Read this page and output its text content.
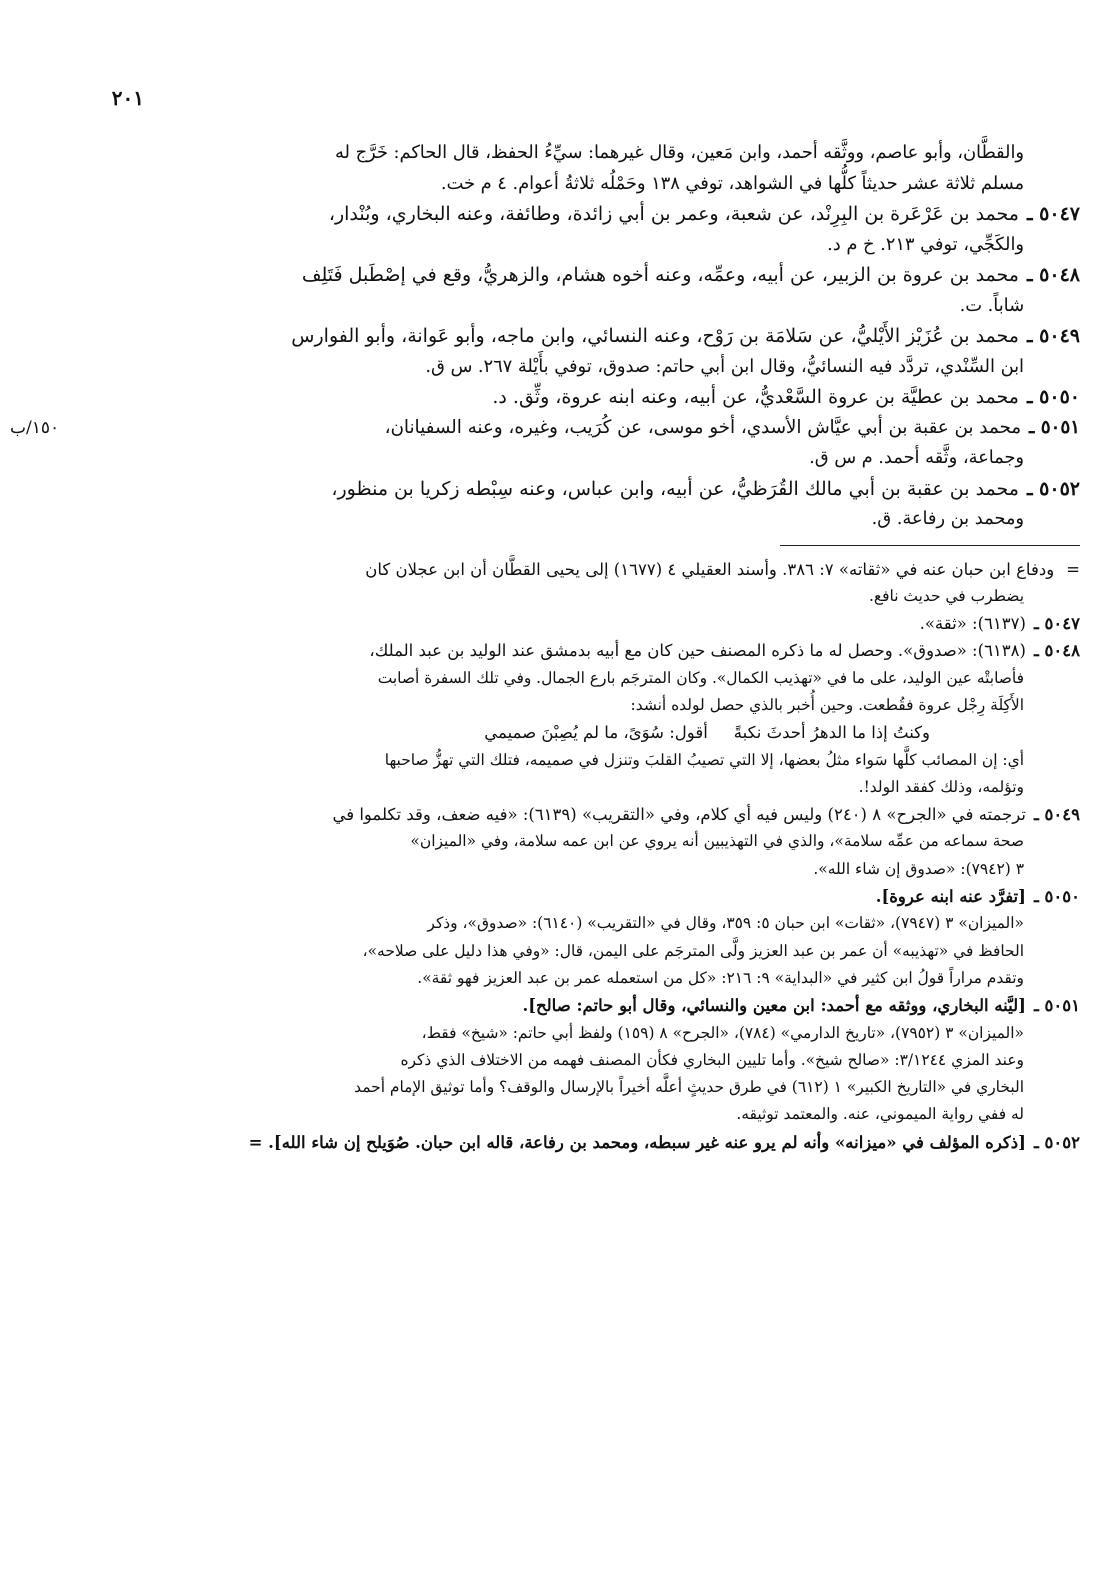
٢٠١
والقطَّان، وأبو عاصم، ووثَّقه أحمد، وابن مَعين، وقال غيرهما: سيِّءُ الحفظ، قال الحاكم: خَرَّج له
مسلم ثلاثة عشر حديثاً كلُّها في الشواهد، توفي ١٣٨ وحَمْلُه ثلاثةُ أعوام. ٤ م خت.
٥٠٤٧ ـمحمد بن عَرْعَرة بن البِرِنْد، عن شعبة، وعمر بن أبي زائدة، وطائفة، وعنه البخاري، وبُنْدار،
والكَجِّي، توفي ٢١٣. خ م د.
٥٠٤٨ ـمحمد بن عروة بن الزبير، عن أبيه، وعمِّه، وعنه أخوه هشام، والزهريُّ، وقع في إصْطَبل فَتَلِف
شاباً. ت.
٥٠٤٩ ـمحمد بن عُزَيْز الأَيْليُّ، عن سَلامَة بن رَوْح، وعنه النسائي، وابن ماجه، وأبو عَوانة، وأبو الفوارس
ابن السِّنْدي، تردَّد فيه النسائيُّ، وقال ابن أبي حاتم: صدوق، توفي بأَيْلة ٢٦٧. س ق.
٥٠٥٠ ـمحمد بن عطيَّة بن عروة السَّعْديُّ، عن أبيه، وعنه ابنه عروة، وثِّق. د.
٥٠٥١ ـمحمد بن عقبة بن أبي عيَّاش الأسدي، أخو موسى، عن كُرَيب، وغيره، وعنه السفيانان،
١٥٠/ب
وجماعة، وثَّقه أحمد. م س ق.
٥٠٥٢ ـمحمد بن عقبة بن أبي مالك القُرَظيُّ، عن أبيه، وابن عباس، وعنه سِبْطه زكريا بن منظور،
ومحمد بن رفاعة. ق.
=ودفاع ابن حبان عنه في «ثقاته» ٧: ٣٨٦. وأسند العقيلي ٤ (١٦٧٧) إلى يحيى القطَّان أن ابن عجلان كان
يضطرب في حديث نافع.
٥٠٤٧ ـ(٦١٣٧): «ثقة».
٥٠٤٨ ـ(٦١٣٨): «صدوق». وحصل له ما ذكره المصنف حين كان مع أبيه بدمشق عند الوليد بن عبد الملك،
فأصابتْه عين الوليد، على ما في «تهذيب الكمال». وكان المترجَم بارع الجمال. وفي تلك السفرة أصابت
الأَكِلَة رِجْل عروة فقُطعت. وحين أُخبر بالذي حصل لولده أنشد:
وكنتُ إذا ما الدهرُ أحدثَ نكبةًأقول: سُوَىً، ما لم يُصِبْنَ صميمي
أي: إن المصائب كلَّها سَواء مثلُ بعضها، إلا التي تصيبُ القلبَ وتنزل في صميمه، فتلك التي تهزُّ صاحبها
وتؤلمه، وذلك كفقد الولد!.
٥٠٤٩ ـترجمته في «الجرح» ٨ (٢٤٠) وليس فيه أي كلام، وفي «التقريب» (٦١٣٩): «فيه ضعف، وقد تكلموا في
صحة سماعه من عمِّه سلامة»، والذي في التهذيبين أنه يروي عن ابن عمه سلامة، وفي «الميزان»
٣ (٧٩٤٢): «صدوق إن شاء الله».
٥٠٥٠ ـ[تفرَّد عنه ابنه عروة].
«الميزان» ٣ (٧٩٤٧)، «ثقات» ابن حبان ٥: ٣٥٩، وقال في «التقريب» (٦١٤٠): «صدوق»، وذكر
الحافظ في «تهذيبه» أن عمر بن عبد العزيز ولَّى المترجَم على اليمن، قال: «وفي هذا دليل على صلاحه»،
وتقدم مراراً قولُ ابن كثير في «البداية» ٩: ٢١٦: «كل من استعمله عمر بن عبد العزيز فهو ثقة».
٥٠٥١ ـ[ليَّنه البخاري، ووثقه مع أحمد: ابن معين والنسائي، وقال أبو حاتم: صالح].
«الميزان» ٣ (٧٩٥٢)، «تاريخ الدارمي» (٧٨٤)، «الجرح» ٨ (١٥٩) ولفظ أبي حاتم: «شيخ» فقط،
وعند المزي ٣/١٢٤٤: «صالح شيخ». وأما تليين البخاري فكأن المصنف فهمه من الاختلاف الذي ذكره
البخاري في «التاريخ الكبير» ١ (٦١٢) في طرق حديثٍ أعلَّه أخيراً بالإرسال والوقف؟ وأما توثيق الإمام أحمد
له ففي رواية الميموني، عنه. والمعتمد توثيقه.
٥٠٥٢ ـ[ذكره المؤلف في «ميزانه» وأنه لم يرو عنه غير سبطه، ومحمد بن رفاعة، قاله ابن حبان. صُوَيلح إن شاء الله]. =
